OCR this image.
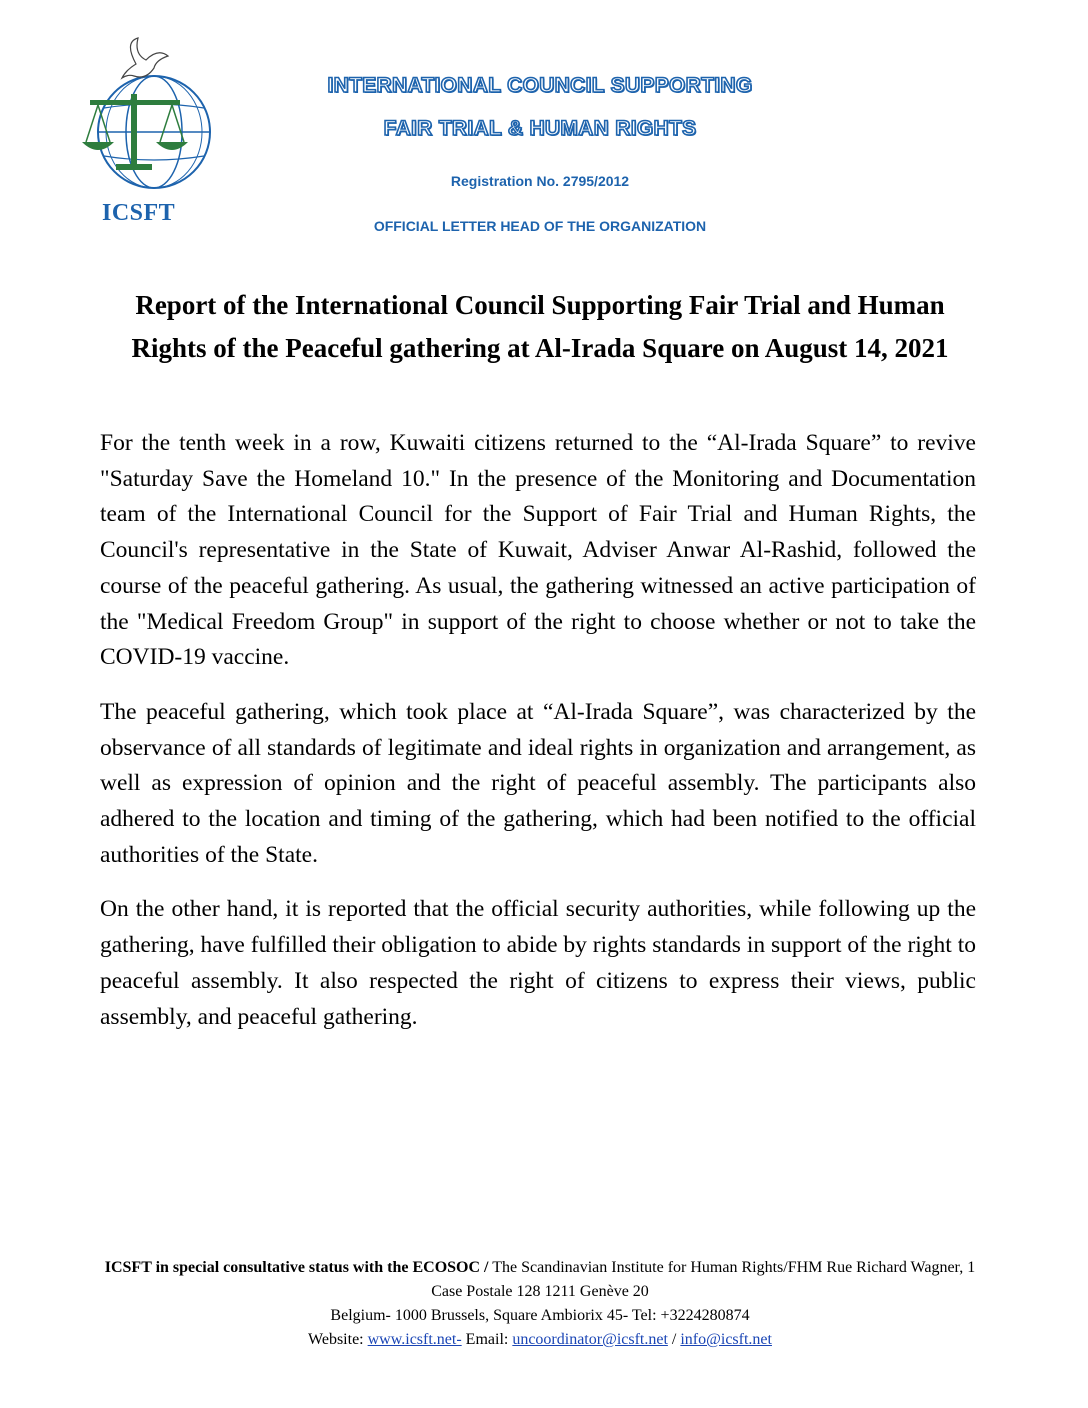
ICSFT
INTERNATIONAL COUNCIL SUPPORTING
FAIR TRIAL & HUMAN RIGHTS
Registration No. 2795/2012
OFFICIAL LETTER HEAD OF THE ORGANIZATION
Report of the International Council Supporting Fair Trial and Human Rights of the Peaceful gathering at Al-Irada Square on August 14, 2021

For the tenth week in a row, Kuwaiti citizens returned to the “Al-Irada Square” to revive "Saturday Save the Homeland 10." In the presence of the Monitoring and Documentation team of the International Council for the Support of Fair Trial and Human Rights, the Council's representative in the State of Kuwait, Adviser Anwar Al-Rashid, followed the course of the peaceful gathering. As usual, the gathering witnessed an active participation of the "Medical Freedom Group" in support of the right to choose whether or not to take the COVID-19 vaccine.

The peaceful gathering, which took place at “Al-Irada Square”, was characterized by the observance of all standards of legitimate and ideal rights in organization and arrangement, as well as expression of opinion and the right of peaceful assembly. The participants also adhered to the location and timing of the gathering, which had been notified to the official authorities of the State.

On the other hand, it is reported that the official security authorities, while following up the gathering, have fulfilled their obligation to abide by rights standards in support of the right to peaceful assembly. It also respected the right of citizens to express their views, public assembly, and peaceful gathering.

ICSFT in special consultative status with the ECOSOC / The Scandinavian Institute for Human Rights/FHM Rue Richard Wagner, 1 Case Postale 128 1211 Genève 20
Belgium- 1000 Brussels, Square Ambiorix 45- Tel: +3224280874
Website: www.icsft.net- Email: uncoordinator@icsft.net / info@icsft.net
